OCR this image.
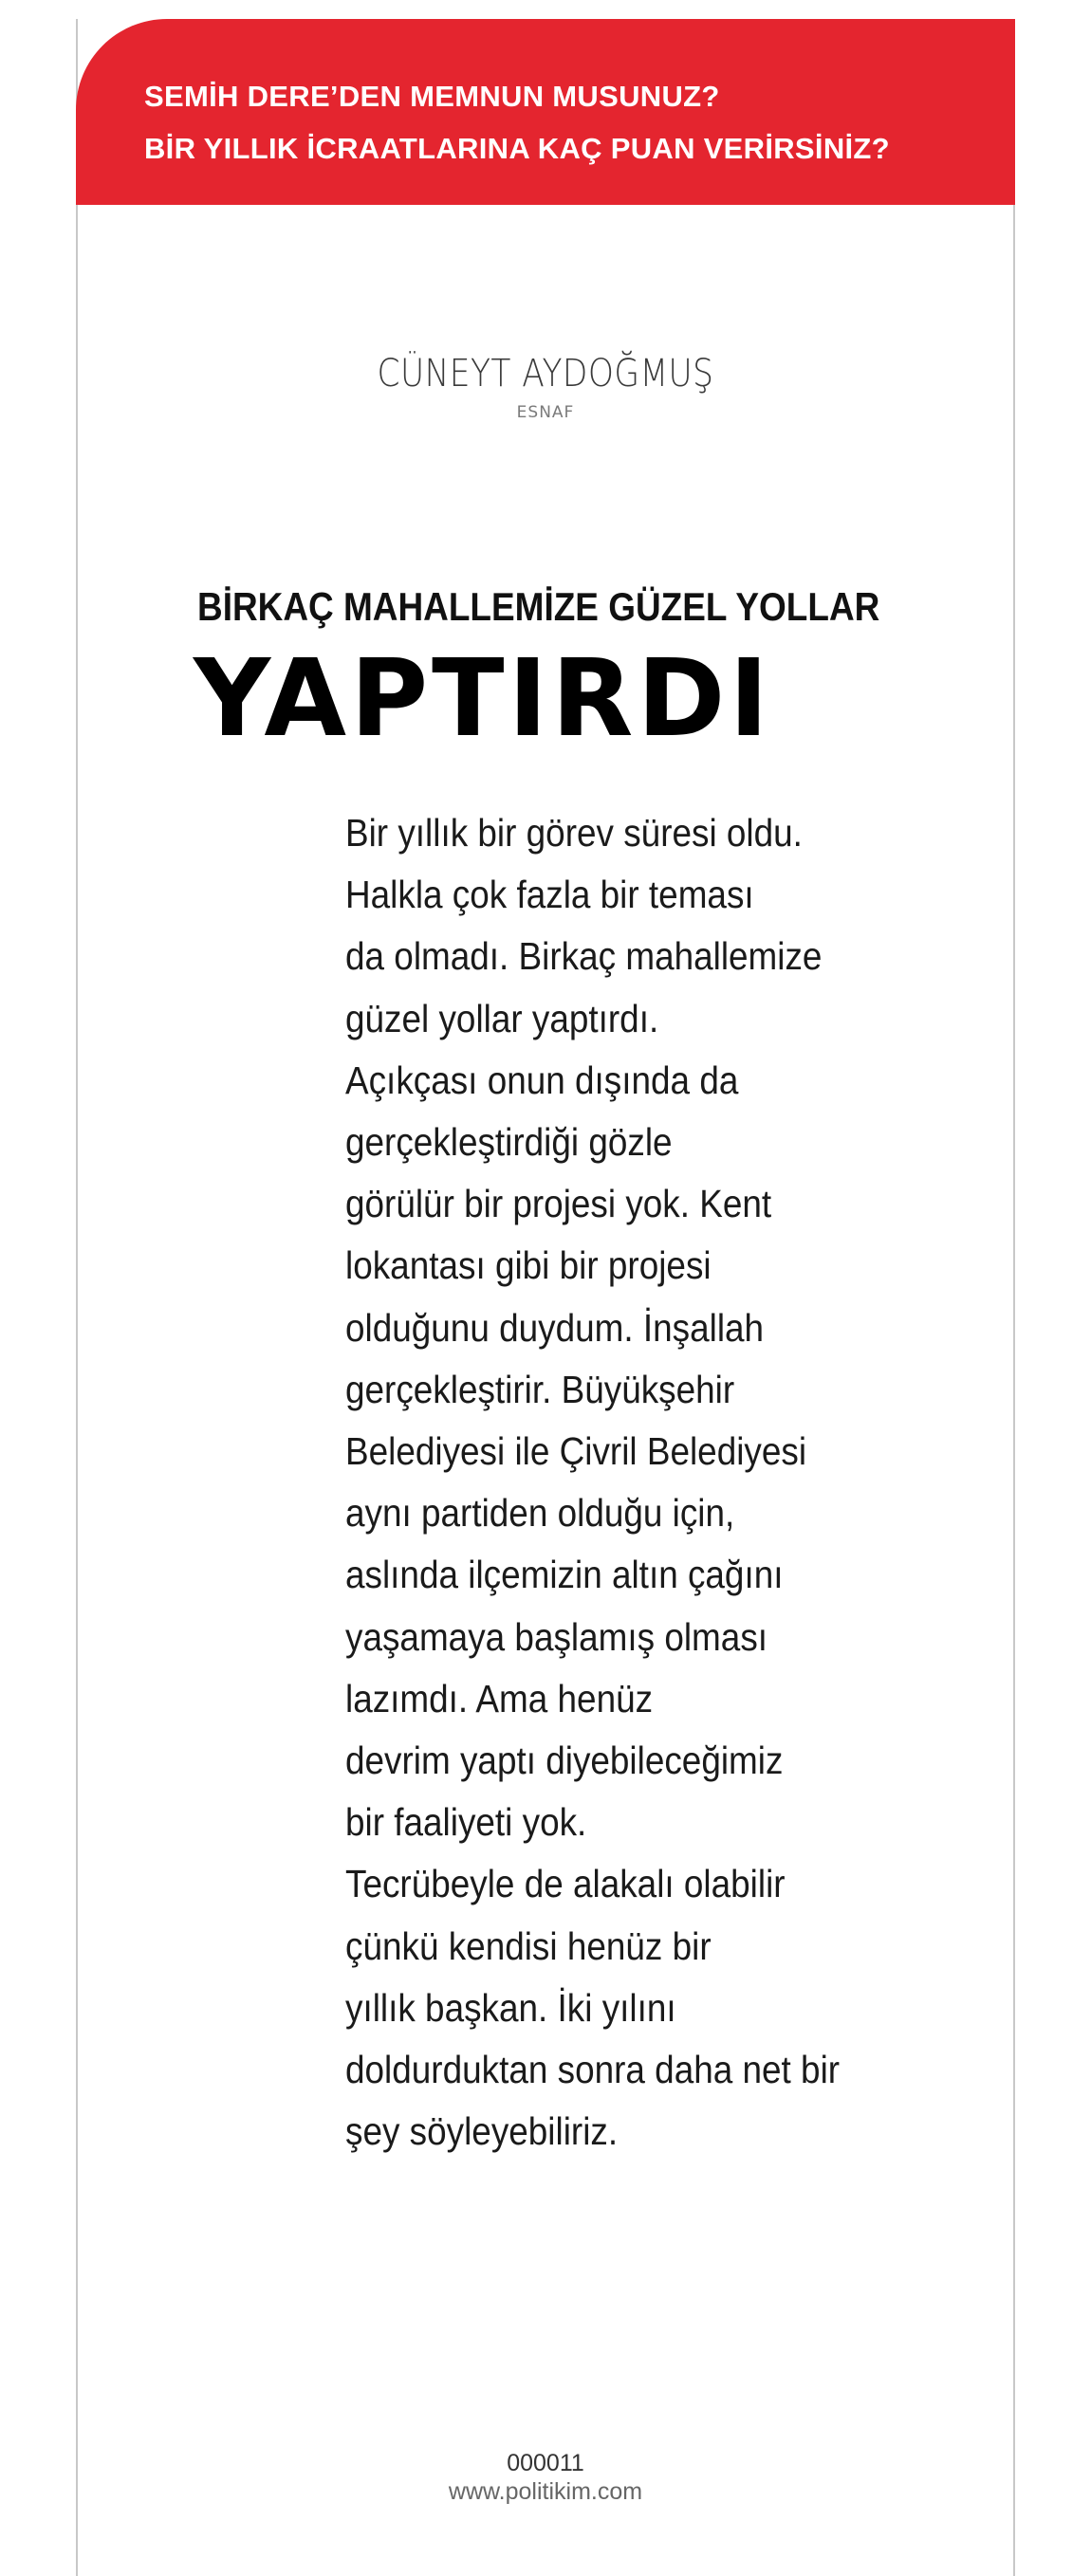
SEMİH DERE’DEN MEMNUN MUSUNUZ?
BİR YILLIK İCRAATLARINA KAÇ PUAN VERİRSİNİZ?
CÜNEYT AYDOĞMUŞ
ESNAF
BİRKAÇ MAHALLEMİZE GÜZEL YOLLAR
YAPTIRDI
Bir yıllık bir görev süresi oldu.
Halkla çok fazla bir teması
da olmadı. Birkaç mahallemize
güzel yollar yaptırdı.
Açıkçası onun dışında da
gerçekleştirdiği gözle
görülür bir projesi yok. Kent
lokantası gibi bir projesi
olduğunu duydum. İnşallah
gerçekleştirir. Büyükşehir
Belediyesi ile Çivril Belediyesi
aynı partiden olduğu için,
aslında ilçemizin altın çağını
yaşamaya başlamış olması
lazımdı. Ama henüz
devrim yaptı diyebileceğimiz
bir faaliyeti yok.
Tecrübeyle de alakalı olabilir
çünkü kendisi henüz bir
yıllık başkan. İki yılını
doldurduktan sonra daha net bir
şey söyleyebiliriz.
000011
www.politikim.com
